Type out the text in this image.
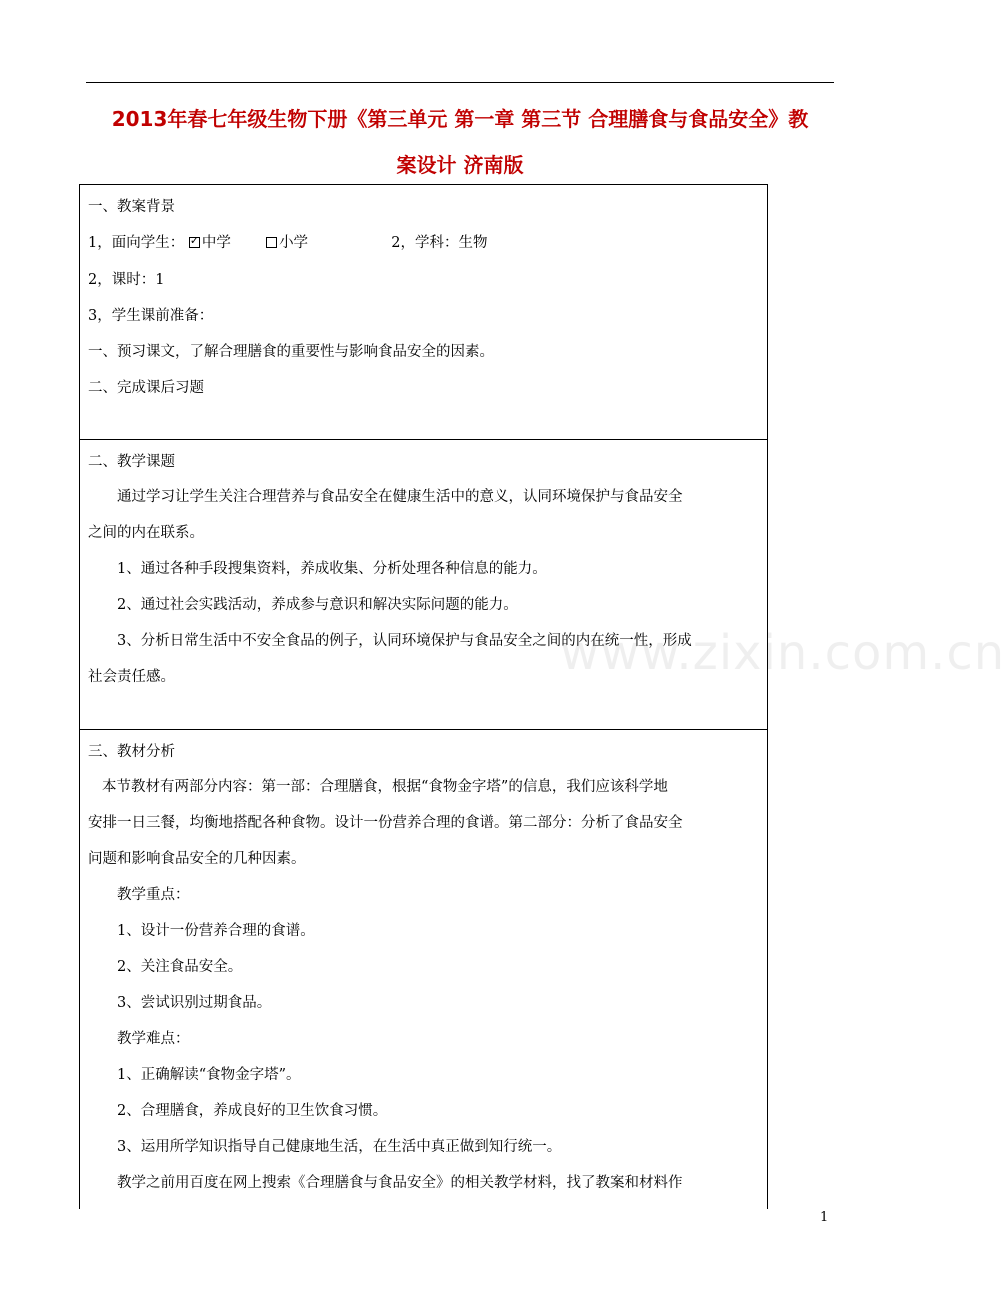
2013年春七年级生物下册《第三单元 第一章 第三节 合理膳食与食品安全》教
案设计 济南版
www.zixin.com.cn
一、教案背景
1，面向学生： ✓ 中学	小学	2，学科：生物
2，课时：1
3，学生课前准备：
一、预习课文，了解合理膳食的重要性与影响食品安全的因素。
二、完成课后习题
二、教学课题
通过学习让学生关注合理营养与食品安全在健康生活中的意义，认同环境保护与食品安全
之间的内在联系。
1、通过各种手段搜集资料，养成收集、分析处理各种信息的能力。
2、通过社会实践活动，养成参与意识和解决实际问题的能力。
3、分析日常生活中不安全食品的例子，认同环境保护与食品安全之间的内在统一性，形成
社会责任感。
三、教材分析
本节教材有两部分内容：第一部：合理膳食，根据“食物金字塔”的信息，我们应该科学地
安排一日三餐，均衡地搭配各种食物。设计一份营养合理的食谱。第二部分：分析了食品安全
问题和影响食品安全的几种因素。
教学重点：
1、设计一份营养合理的食谱。
2、关注食品安全。
3、尝试识别过期食品。
教学难点：
1、正确解读“食物金字塔”。
2、合理膳食，养成良好的卫生饮食习惯。
3、运用所学知识指导自己健康地生活，在生活中真正做到知行统一。
教学之前用百度在网上搜索《合理膳食与食品安全》的相关教学材料，找了教案和材料作
1
